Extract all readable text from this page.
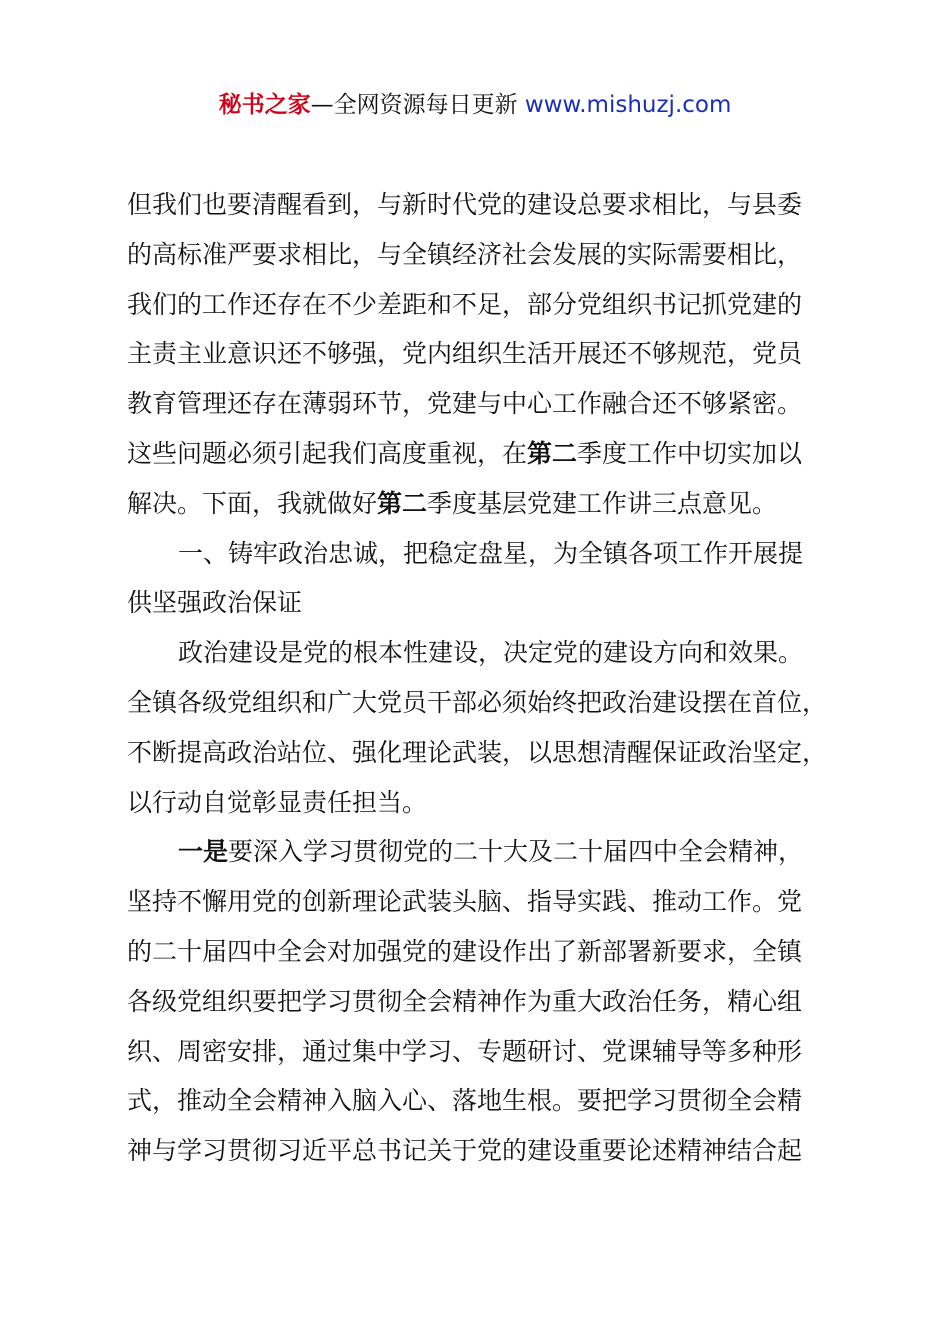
秘书之家—全网资源每日更新 www.mishuzj.com
但我们也要清醒看到，与新时代党的建设总要求相比，与县委
的高标准严要求相比，与全镇经济社会发展的实际需要相比，
我们的工作还存在不少差距和不足，部分党组织书记抓党建的
主责主业意识还不够强，党内组织生活开展还不够规范，党员
教育管理还存在薄弱环节，党建与中心工作融合还不够紧密。
这些问题必须引起我们高度重视，在第二季度工作中切实加以
解决。下面，我就做好第二季度基层党建工作讲三点意见。
一、铸牢政治忠诚，把稳定盘星，为全镇各项工作开展提
供坚强政治保证
政治建设是党的根本性建设，决定党的建设方向和效果。
全镇各级党组织和广大党员干部必须始终把政治建设摆在首位，
不断提高政治站位、强化理论武装，以思想清醒保证政治坚定，
以行动自觉彰显责任担当。
一是要深入学习贯彻党的二十大及二十届四中全会精神，
坚持不懈用党的创新理论武装头脑、指导实践、推动工作。党
的二十届四中全会对加强党的建设作出了新部署新要求，全镇
各级党组织要把学习贯彻全会精神作为重大政治任务，精心组
织、周密安排，通过集中学习、专题研讨、党课辅导等多种形
式，推动全会精神入脑入心、落地生根。要把学习贯彻全会精
神与学习贯彻习近平总书记关于党的建设重要论述精神结合起
